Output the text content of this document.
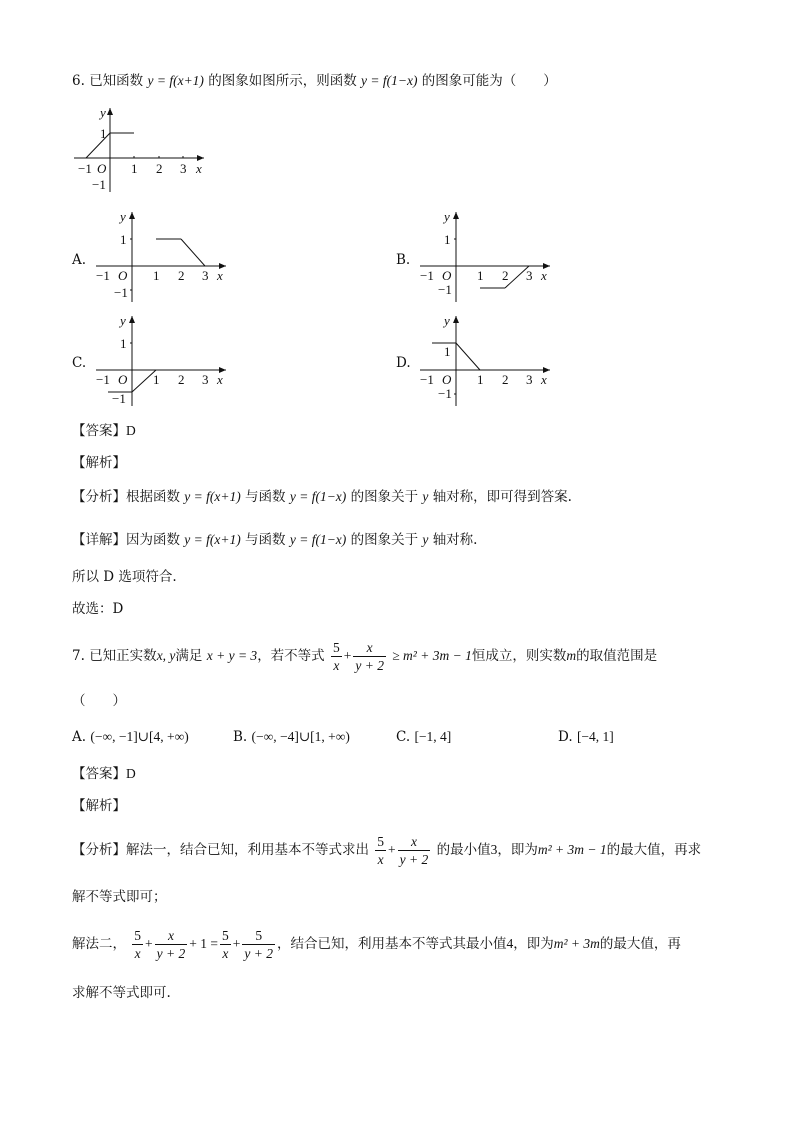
6. 已知函数 y = f(x+1) 的图象如图所示，则函数 y = f(1−x) 的图象可能为（　　）
y
1
−1 O 1 2 3 x
−1
A.
y
1
−1 O 1 2 3 x
−1
B.
y
1
−1 O 1 2 3 x
−1
C.
y
1
−1 O 1 2 3 x
−1
D.
y
1
−1 O 1 2 3 x
−1
【答案】D
【解析】
【分析】根据函数 y = f(x+1) 与函数 y = f(1−x) 的图象关于 y 轴对称，即可得到答案.
【详解】因为函数 y = f(x+1) 与函数 y = f(1−x) 的图象关于 y 轴对称.
所以 D 选项符合.
故选：D
7. 已知正实数x, y满足 x + y = 3，若不等式 $\frac{5}{x} + \frac{x}{y + 2} \ge m^2 + 3m - 1$恒成立，则实数m的取值范围是
（　　）
A. (−∞, −1]∪[4, +∞)	B. (−∞, −4]∪[1, +∞)	C. [−1, 4]	D. [−4, 1]
【答案】D
【解析】
【分析】解法一，结合已知，利用基本不等式求出 $\frac{5}{x} + \frac{x}{y + 2}$ 的最小值3，即为m² + 3m − 1的最大值，再求
解不等式即可；
解法二， $\frac{5}{x} + \frac{x}{y + 2} + 1 = \frac{5}{x} + \frac{5}{y + 2}$ ，结合已知，利用基本不等式其最小值4，即为m² + 3m的最大值，再
求解不等式即可.
